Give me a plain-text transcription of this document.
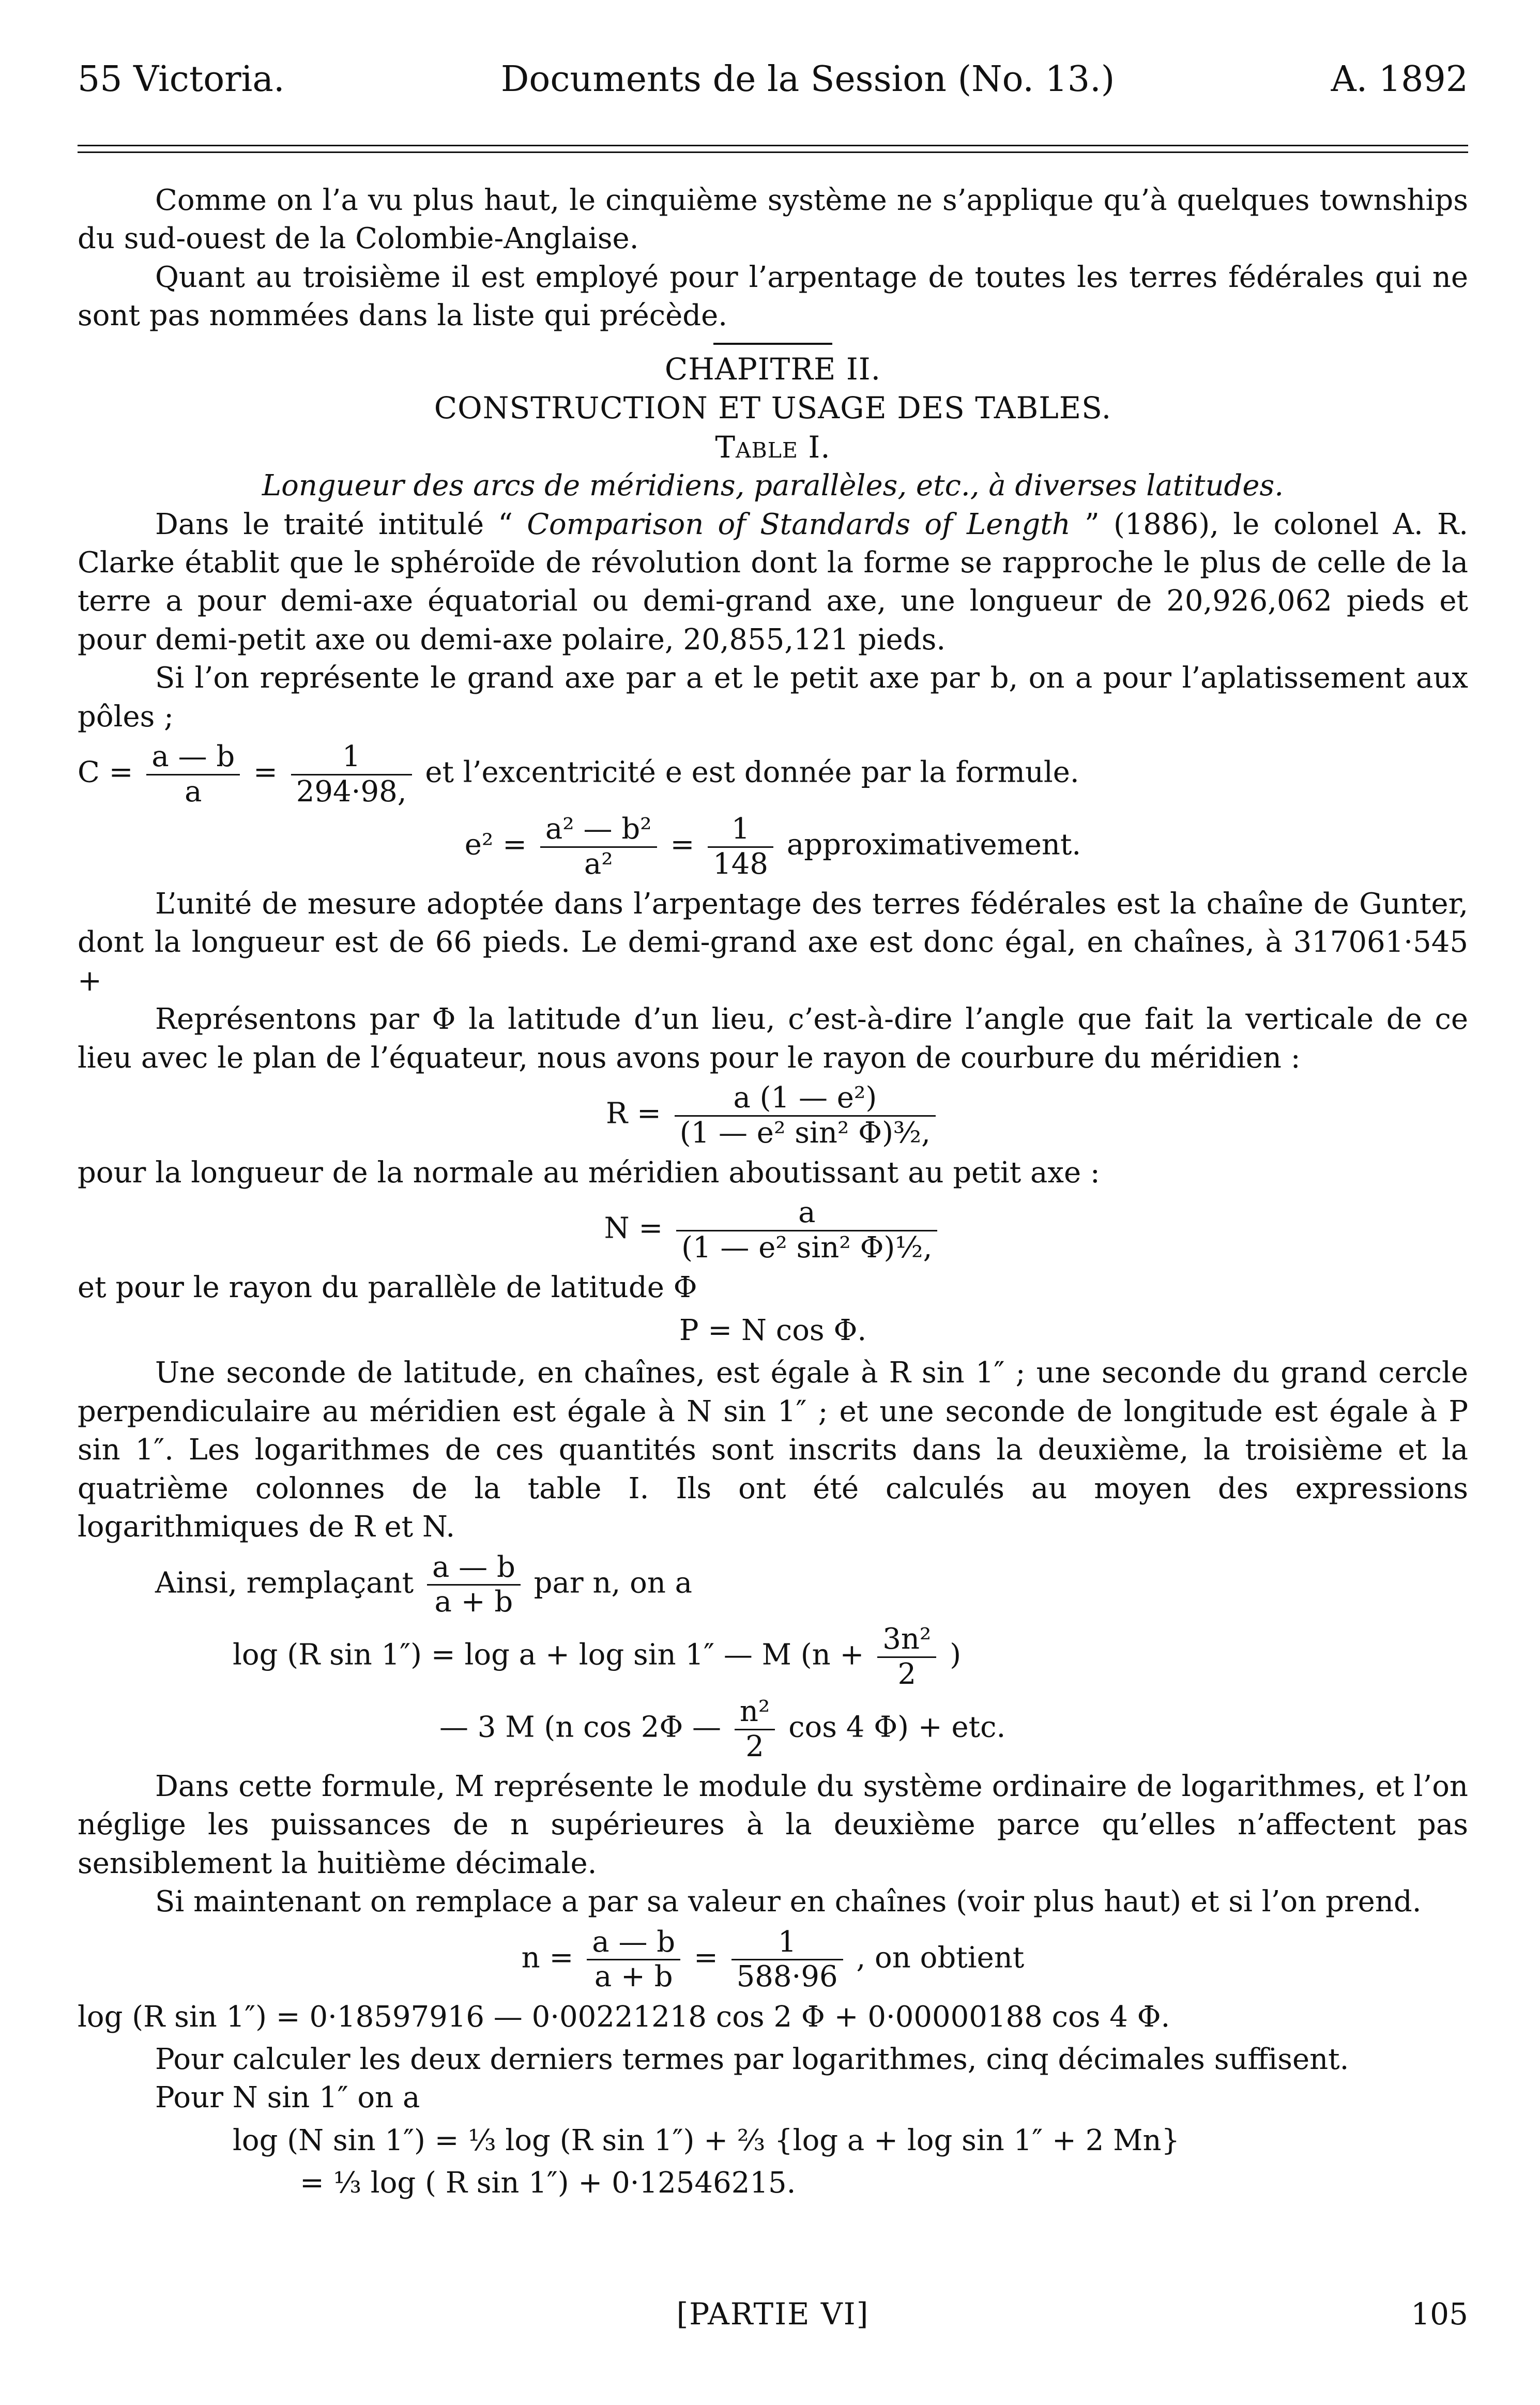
55 Victoria.	Documents de la Session (No. 13.)	A. 1892

Comme on l’a vu plus haut, le cinquième système ne s’applique qu’à quelques townships du sud-ouest de la Colombie-Anglaise.

Quant au troisième il est employé pour l’arpentage de toutes les terres fédérales qui ne sont pas nommées dans la liste qui précède.

CHAPITRE II.
CONSTRUCTION ET USAGE DES TABLES.
Table I.
Longueur des arcs de méridiens, parallèles, etc., à diverses latitudes.

Dans le traité intitulé “ Comparison of Standards of Length ” (1886), le colonel A. R. Clarke établit que le sphéroïde de révolution dont la forme se rapproche le plus de celle de la terre a pour demi-axe équatorial ou demi-grand axe, une longueur de 20,926,062 pieds et pour demi-petit axe ou demi-axe polaire, 20,855,121 pieds.

Si l’on représente le grand axe par a et le petit axe par b, on a pour l’aplatissement aux pôles ;

$C = \frac{a — b}{a} = \frac{1}{294\cdot 98,}$ et l’excentricité e est donnée par la formule.
$e^2 = \frac{\text{a² — b²}}{\text{a²}} = \frac{1}{148}$ approximativement.

L’unité de mesure adoptée dans l’arpentage des terres fédérales est la chaîne de Gunter, dont la longueur est de 66 pieds. Le demi-grand axe est donc égal, en chaînes, à 317061·545 +

Représentons par Φ la latitude d’un lieu, c’est-à-dire l’angle que fait la verticale de ce lieu avec le plan de l’équateur, nous avons pour le rayon de courbure du méridien :

$R = \frac{\text{a (1 — e²)}}{\text{(1 — e² sin² Φ)³⁄₂,}}$

pour la longueur de la normale au méridien aboutissant au petit axe :

$N = \frac{a}{\text{(1 — e² sin² Φ)¹⁄₂,}}$

et pour le rayon du parallèle de latitude Φ

P = N cos Φ.

Une seconde de latitude, en chaînes, est égale à R sin 1″ ; une seconde du grand cercle perpendiculaire au méridien est égale à N sin 1″ ; et une seconde de longitude est égale à P sin 1″. Les logarithmes de ces quantités sont inscrits dans la deuxième, la troisième et la quatrième colonnes de la table I. Ils ont été calculés au moyen des expressions logarithmiques de R et N.

Ainsi, remplaçant $\frac{a — b}{a + b}$ par n, on a
log (R sin 1″) = log a + log sin 1″ — M ($n + \frac{\text{3n²}}{2}$ )
— 3 M (n cos 2Φ — $\frac{\text{n²}}{2}$ cos 4 Φ) + etc.

Dans cette formule, M représente le module du système ordinaire de logarithmes, et l’on néglige les puissances de n supérieures à la deuxième parce qu’elles n’affectent pas sensiblement la huitième décimale.

Si maintenant on remplace a par sa valeur en chaînes (voir plus haut) et si l’on prend.

$n = \frac{a — b}{a + b} = \frac{1}{588\cdot 96}$ , on obtient
log (R sin 1″) = 0·18597916 — 0·00221218 cos 2 Φ + 0·00000188 cos 4 Φ.

Pour calculer les deux derniers termes par logarithmes, cinq décimales suffisent.

Pour N sin 1″ on a

log (N sin 1″) = ⅓ log (R sin 1″) + ⅔ {log a + log sin 1″ + 2 Mn}
= ⅓ log ( R sin 1″) + 0·12546215.
[PARTIE VI]	105
